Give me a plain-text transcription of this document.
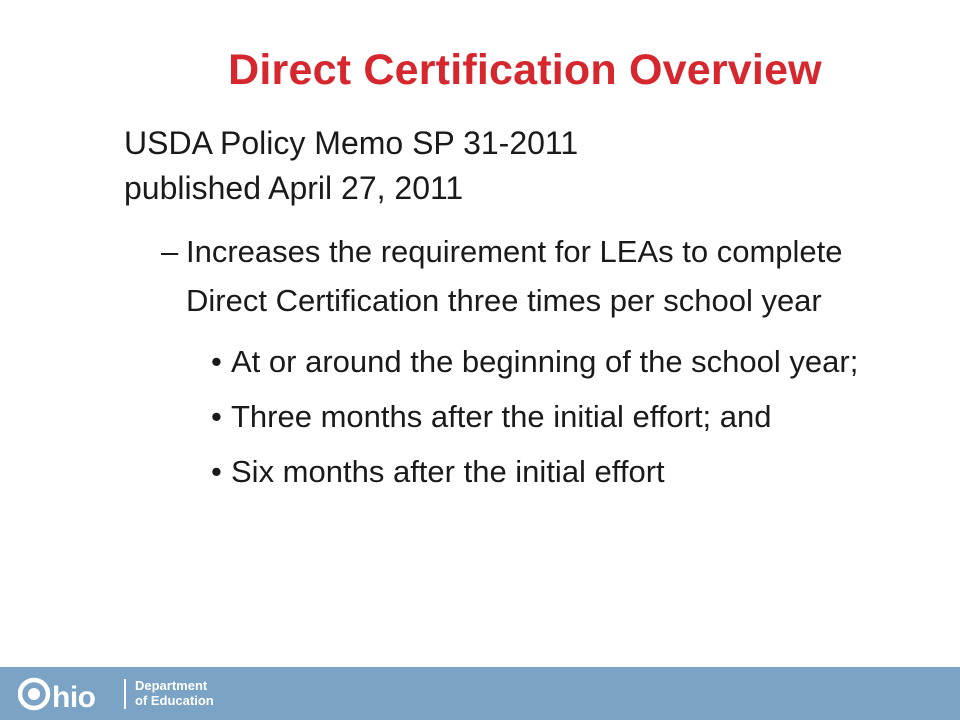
Direct Certification Overview

USDA Policy Memo SP 31-2011

published April 27, 2011

– Increases the requirement for LEAs to complete Direct Certification three times per school year
• At or around the beginning of the school year;
• Three months after the initial effort; and
• Six months after the initial effort
hio	Department
of Education
